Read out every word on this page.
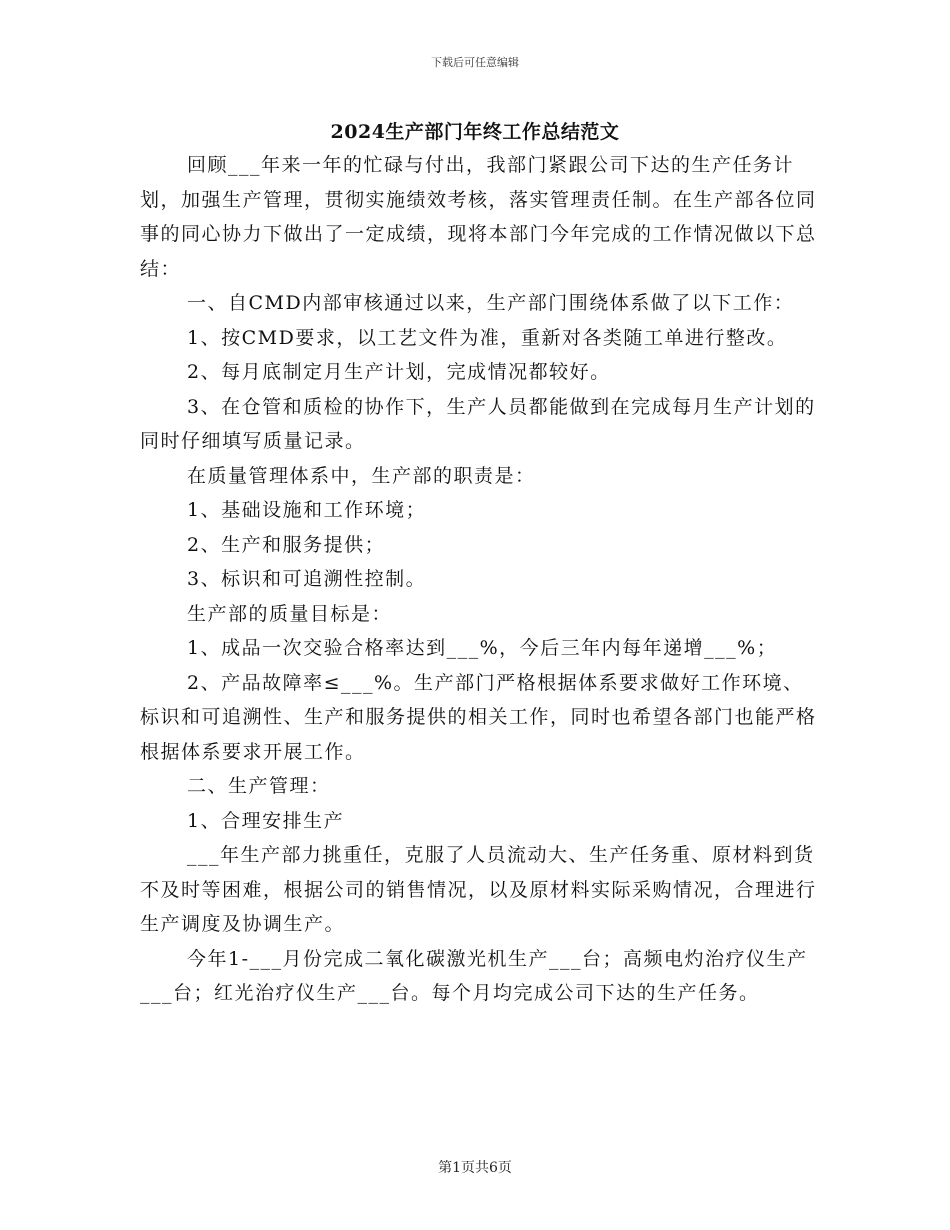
下载后可任意编辑
2024生产部门年终工作总结范文

回顾___年来一年的忙碌与付出，我部门紧跟公司下达的生产任务计划，加强生产管理，贯彻实施绩效考核，落实管理责任制。在生产部各位同事的同心协力下做出了一定成绩，现将本部门今年完成的工作情况做以下总结：

一、自CMD内部审核通过以来，生产部门围绕体系做了以下工作：

1、按CMD要求，以工艺文件为准，重新对各类随工单进行整改。

2、每月底制定月生产计划，完成情况都较好。

3、在仓管和质检的协作下，生产人员都能做到在完成每月生产计划的同时仔细填写质量记录。

在质量管理体系中，生产部的职责是：

1、基础设施和工作环境；

2、生产和服务提供；

3、标识和可追溯性控制。

生产部的质量目标是：

1、成品一次交验合格率达到___%，今后三年内每年递增___%；

2、产品故障率≤___%。生产部门严格根据体系要求做好工作环境、标识和可追溯性、生产和服务提供的相关工作，同时也希望各部门也能严格根据体系要求开展工作。

二、生产管理：

1、合理安排生产

___年生产部力挑重任，克服了人员流动大、生产任务重、原材料到货不及时等困难，根据公司的销售情况，以及原材料实际采购情况，合理进行生产调度及协调生产。

今年1-___月份完成二氧化碳激光机生产___台；高频电灼治疗仪生产___台；红光治疗仪生产___台。每个月均完成公司下达的生产任务。

第1页共6页
